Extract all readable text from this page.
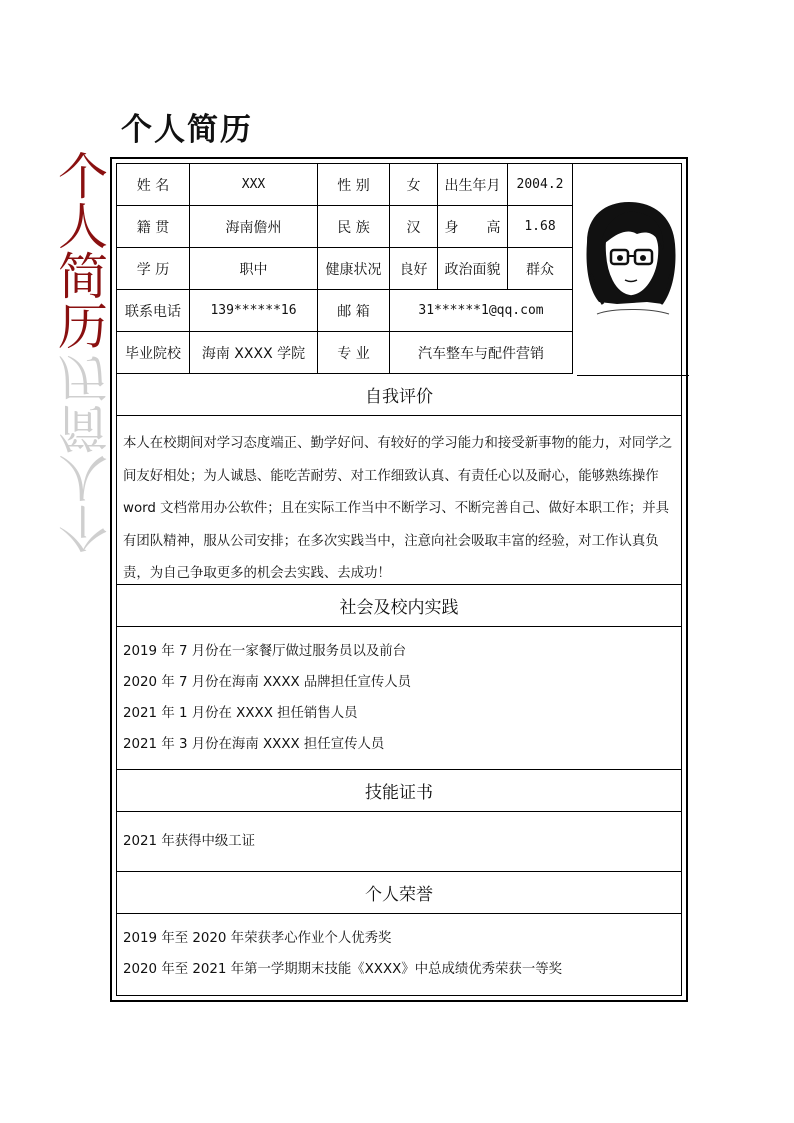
个人简历
个
人
简
历
历
简
人
个
姓 名	XXX	性 别	女	出生年月	2004.2
籍 贯	海南儋州	民 族	汉	身　　高	1.68
学 历	职中	健康状况	良好	政治面貌	群众
联系电话	139******16	邮 箱	31******1@qq.com
毕业院校	海南 XXXX 学院	专 业	汽车整车与配件营销
自我评价
本人在校期间对学习态度端正、勤学好问、有较好的学习能力和接受新事物的能力，对同学之间友好相处；为人诚恳、能吃苦耐劳、对工作细致认真、有责任心以及耐心，能够熟练操作 word 文档常用办公软件；且在实际工作当中不断学习、不断完善自己、做好本职工作；并具有团队精神，服从公司安排；在多次实践当中，注意向社会吸取丰富的经验，对工作认真负责，为自己争取更多的机会去实践、去成功！
社会及校内实践
2019 年 7 月份在一家餐厅做过服务员以及前台
2020 年 7 月份在海南 XXXX 品牌担任宣传人员
2021 年 1 月份在 XXXX 担任销售人员
2021 年 3 月份在海南 XXXX 担任宣传人员
技能证书
2021 年获得中级工证
个人荣誉
2019 年至 2020 年荣获孝心作业个人优秀奖
2020 年至 2021 年第一学期期末技能《XXXX》中总成绩优秀荣获一等奖
